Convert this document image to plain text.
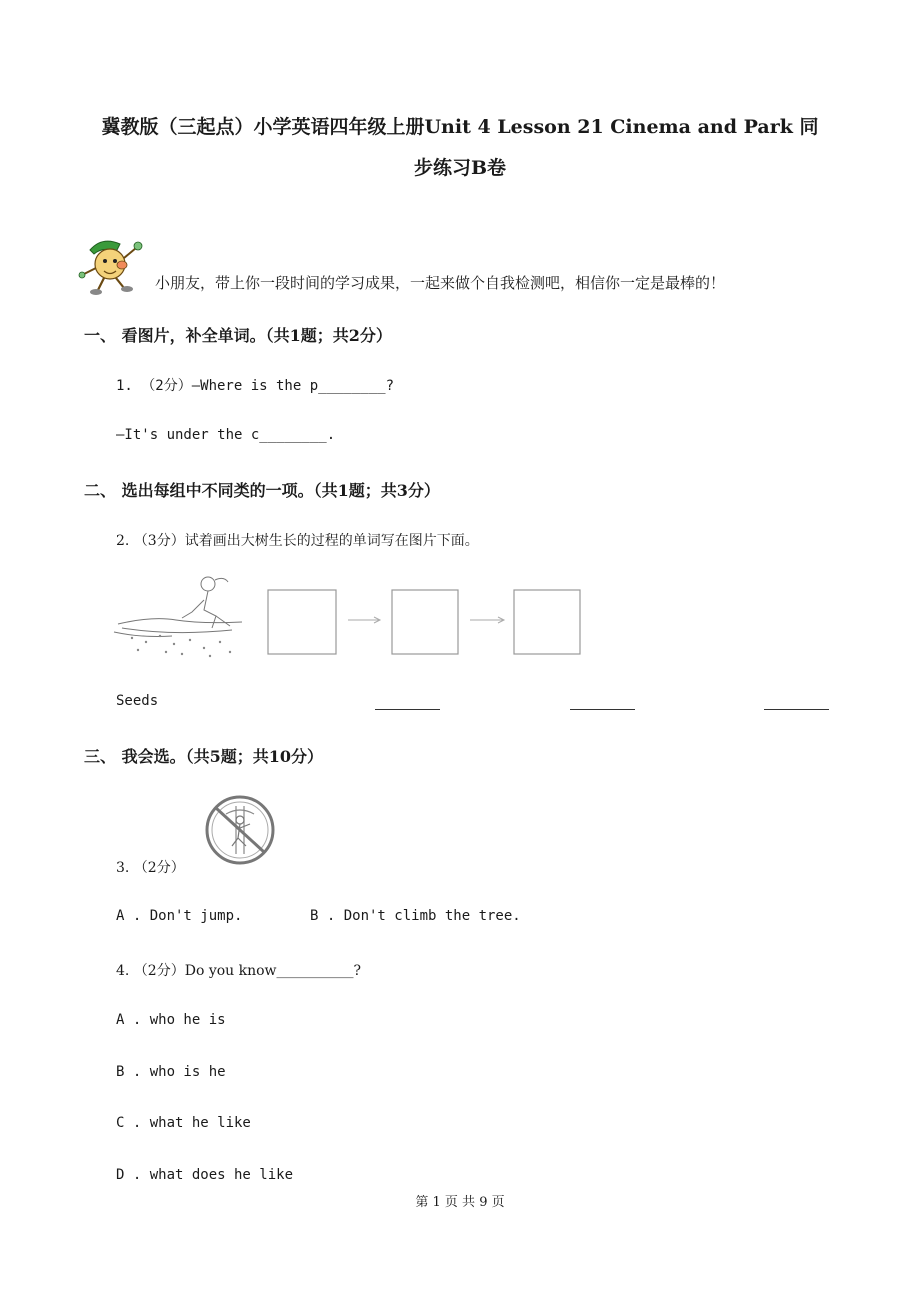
冀教版（三起点）小学英语四年级上册Unit 4 Lesson 21 Cinema and Park 同
步练习B卷
小朋友，带上你一段时间的学习成果，一起来做个自我检测吧，相信你一定是最棒的！
一、 看图片，补全单词。（共1题；共2分）
1. （2分）—Where is the p________?
—It's under the c________.
二、 选出每组中不同类的一项。（共1题；共3分）
2. （3分）试着画出大树生长的过程的单词写在图片下面。
Seeds
三、 我会选。（共5题；共10分）
3. （2分）
A . Don't jump.	B . Don't climb the tree.
4. （2分）Do you know___________?
A . who he is
B . who is he
C . what he like
D . what does he like
第 1 页 共 9 页
